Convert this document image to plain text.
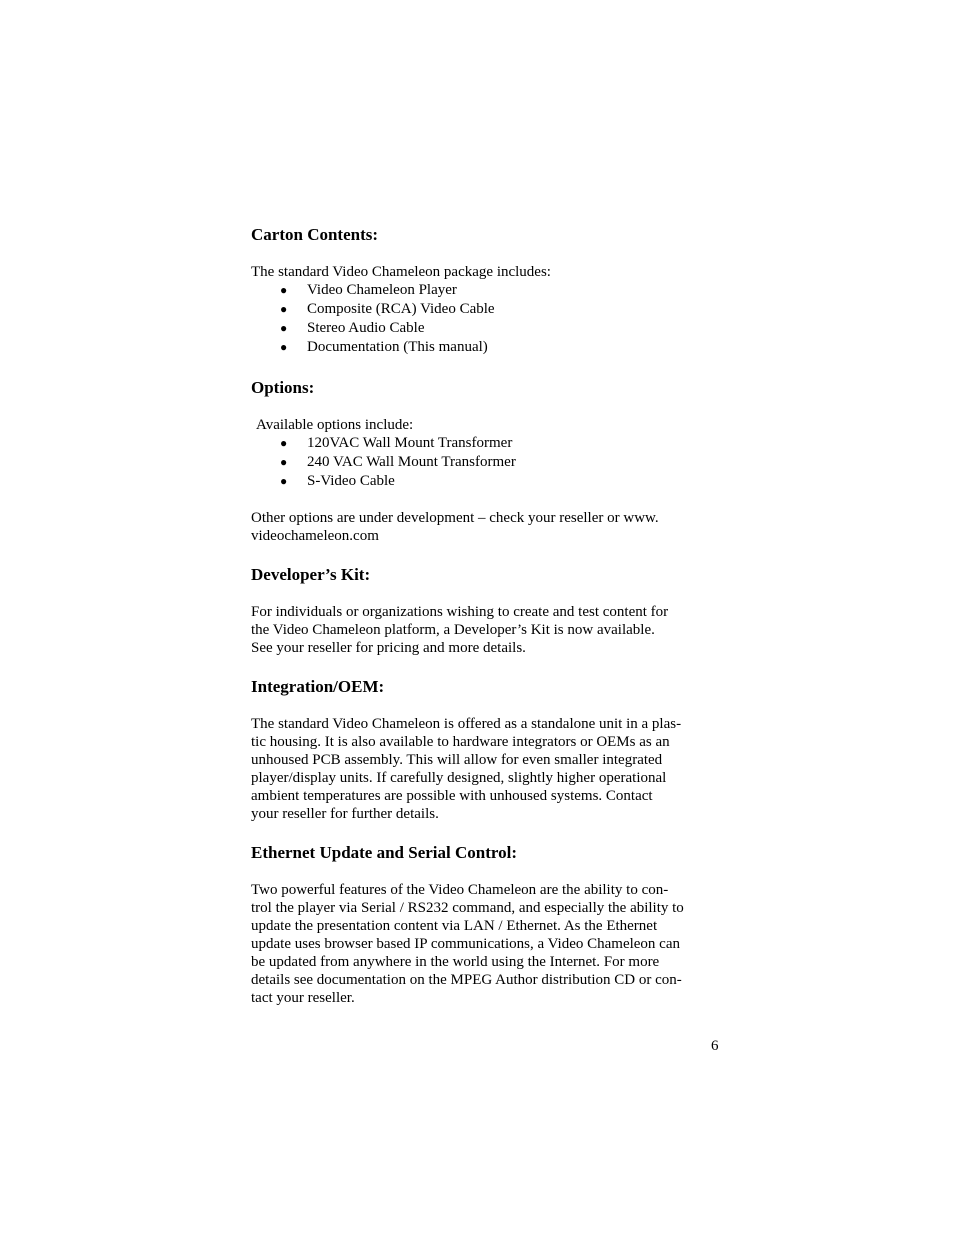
Carton Contents:

The standard Video Chameleon package includes:

● Video Chameleon Player
● Composite (RCA) Video Cable
● Stereo Audio Cable
● Documentation (This manual)
Options:

Available options include:

● 120VAC Wall Mount Transformer
● 240 VAC Wall Mount Transformer
● S-Video Cable

Other options are under development – check your reseller or www.

videochameleon.com

Developer’s Kit:

For individuals or organizations wishing to create and test content for

the Video Chameleon platform, a Developer’s Kit is now available.

See your reseller for pricing and more details.

Integration/OEM:

The standard Video Chameleon is offered as a standalone unit in a plas-

tic housing. It is also available to hardware integrators or OEMs as an

unhoused PCB assembly. This will allow for even smaller integrated

player/display units. If carefully designed, slightly higher operational

ambient temperatures are possible with unhoused systems. Contact

your reseller for further details.

Ethernet Update and Serial Control:

Two powerful features of the Video Chameleon are the ability to con-

trol the player via Serial / RS232 command, and especially the ability to

update the presentation content via LAN / Ethernet. As the Ethernet

update uses browser based IP communications, a Video Chameleon can

be updated from anywhere in the world using the Internet. For more

details see documentation on the MPEG Author distribution CD or con-

tact your reseller.

6
